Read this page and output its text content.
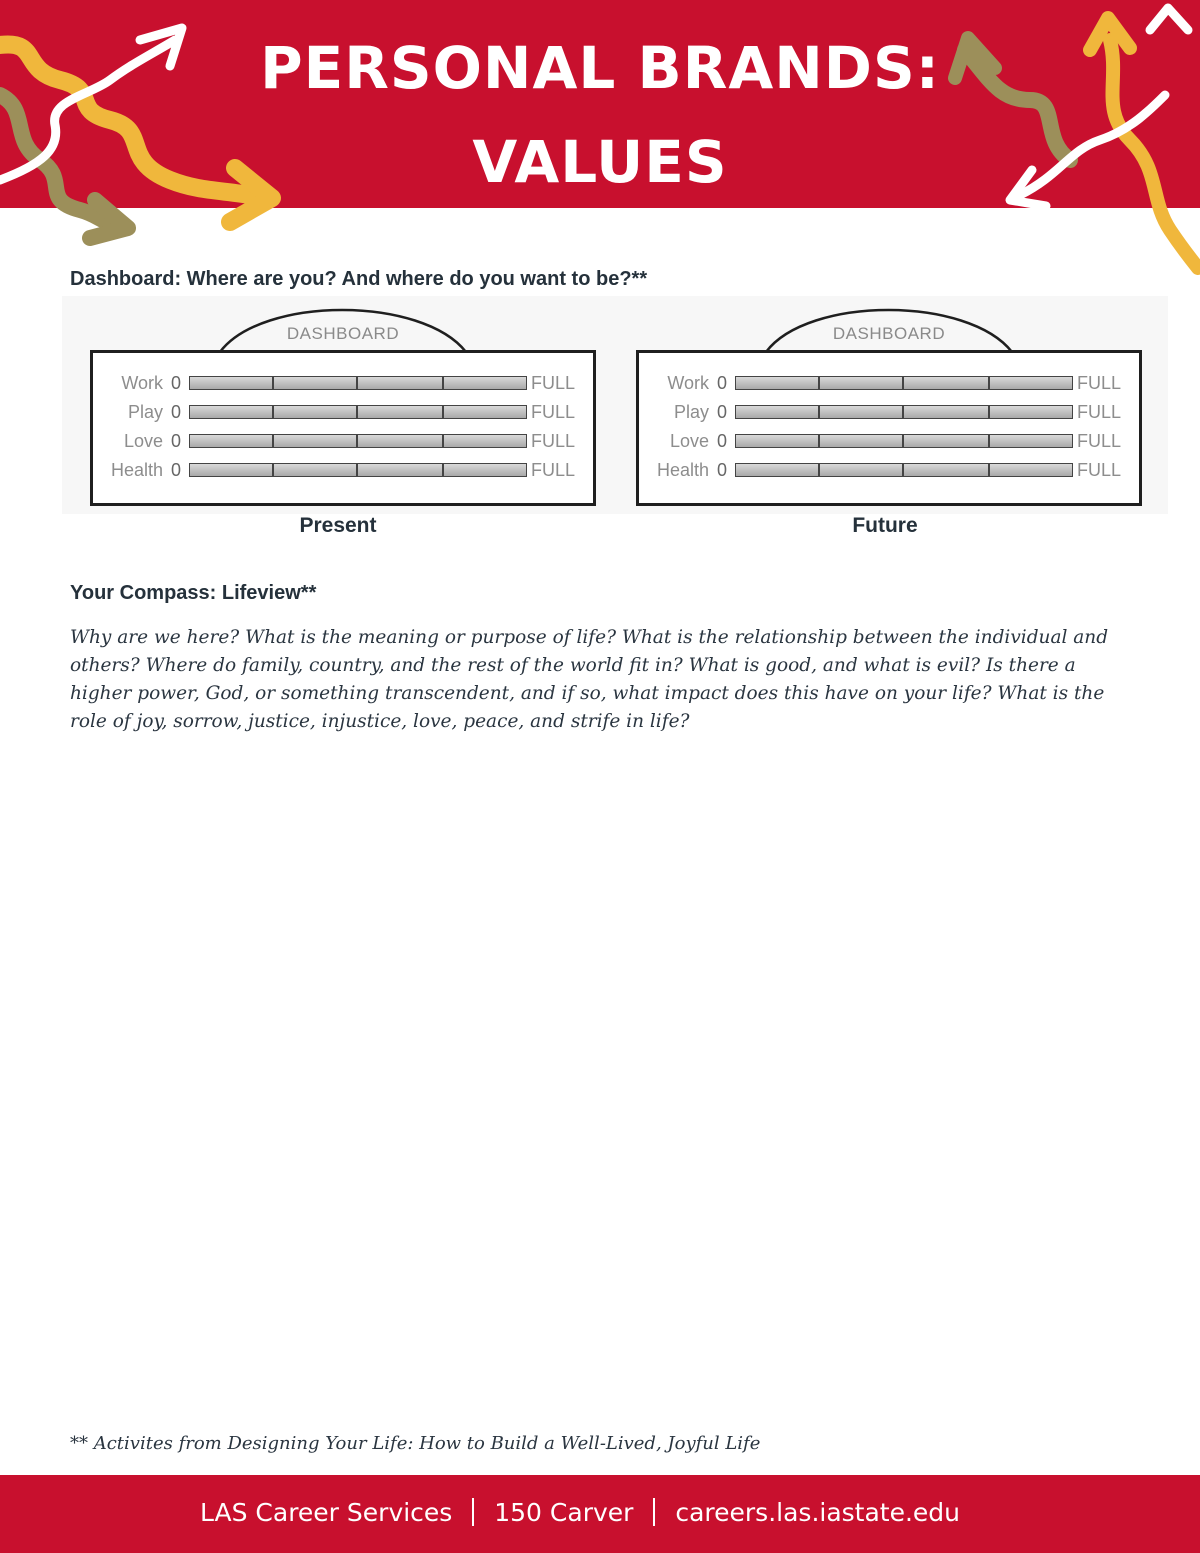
PERSONAL BRANDS:
VALUES
Dashboard: Where are you? And where do you want to be?**
DASHBOARD
Work 0	FULL
Play 0	FULL
Love 0	FULL
Health 0	FULL
DASHBOARD
Work 0	FULL
Play 0	FULL
Love 0	FULL
Health 0	FULL
Present	Future
Your Compass: Lifeview**

Why are we here? What is the meaning or purpose of life? What is the relationship between the individual and others? Where do family, country, and the rest of the world fit in? What is good, and what is evil? Is there a higher power, God, or something transcendent, and if so, what impact does this have on your life? What is the role of joy, sorrow, justice, injustice, love, peace, and strife in life?

** Activites from Designing Your Life: How to Build a Well-Lived, Joyful Life
LAS Career Services 150 Carver careers.las.iastate.edu
